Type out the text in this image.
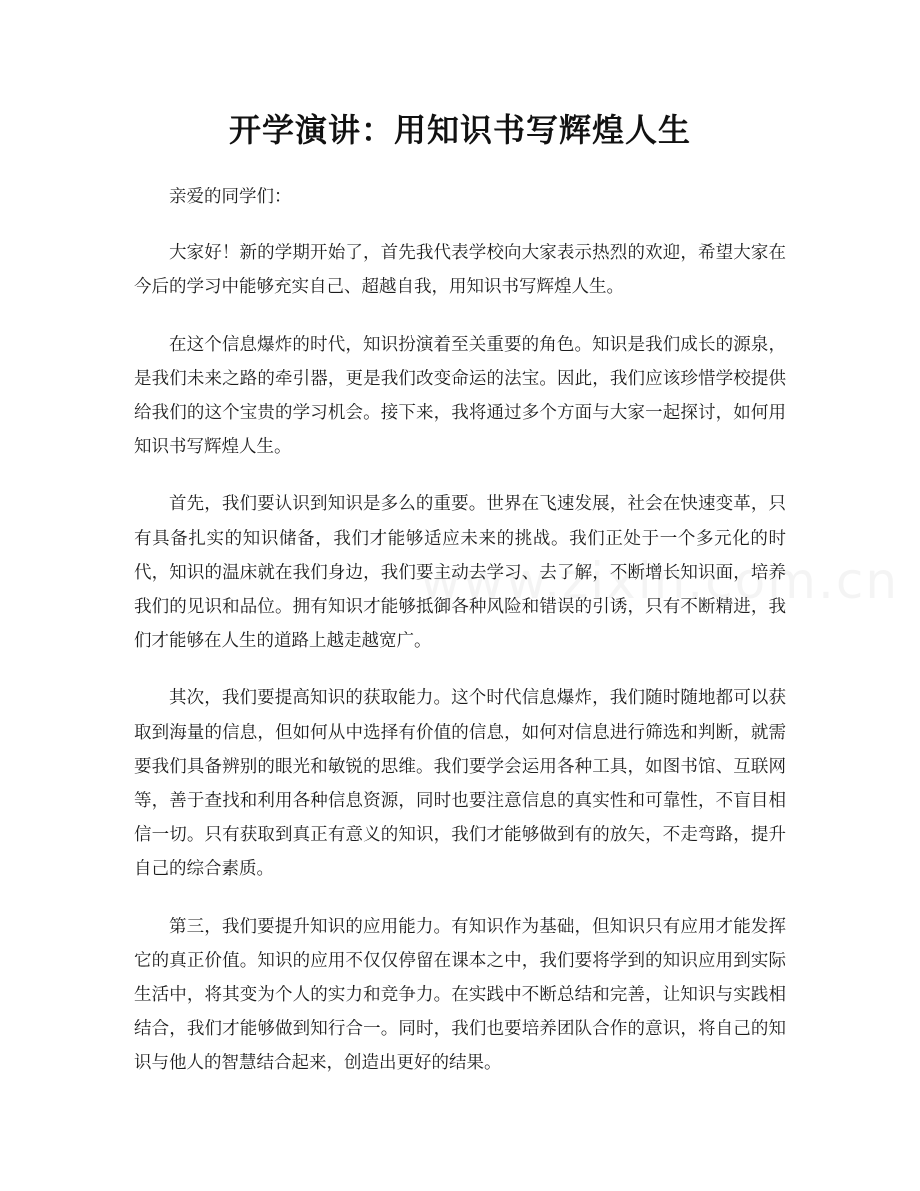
开学演讲：用知识书写辉煌人生

亲爱的同学们：

大家好！新的学期开始了，首先我代表学校向大家表示热烈的欢迎，希望大家在今后的学习中能够充实自己、超越自我，用知识书写辉煌人生。

在这个信息爆炸的时代，知识扮演着至关重要的角色。知识是我们成长的源泉，是我们未来之路的牵引器，更是我们改变命运的法宝。因此，我们应该珍惜学校提供给我们的这个宝贵的学习机会。接下来，我将通过多个方面与大家一起探讨，如何用知识书写辉煌人生。

首先，我们要认识到知识是多么的重要。世界在飞速发展，社会在快速变革，只有具备扎实的知识储备，我们才能够适应未来的挑战。我们正处于一个多元化的时代，知识的温床就在我们身边，我们要主动去学习、去了解，不断增长知识面，培养我们的见识和品位。拥有知识才能够抵御各种风险和错误的引诱，只有不断精进，我们才能够在人生的道路上越走越宽广。

其次，我们要提高知识的获取能力。这个时代信息爆炸，我们随时随地都可以获取到海量的信息，但如何从中选择有价值的信息，如何对信息进行筛选和判断，就需要我们具备辨别的眼光和敏锐的思维。我们要学会运用各种工具，如图书馆、互联网等，善于查找和利用各种信息资源，同时也要注意信息的真实性和可靠性，不盲目相信一切。只有获取到真正有意义的知识，我们才能够做到有的放矢，不走弯路，提升自己的综合素质。

第三，我们要提升知识的应用能力。有知识作为基础，但知识只有应用才能发挥它的真正价值。知识的应用不仅仅停留在课本之中，我们要将学到的知识应用到实际生活中，将其变为个人的实力和竞争力。在实践中不断总结和完善，让知识与实践相结合，我们才能够做到知行合一。同时，我们也要培养团队合作的意识，将自己的知识与他人的智慧结合起来，创造出更好的结果。
